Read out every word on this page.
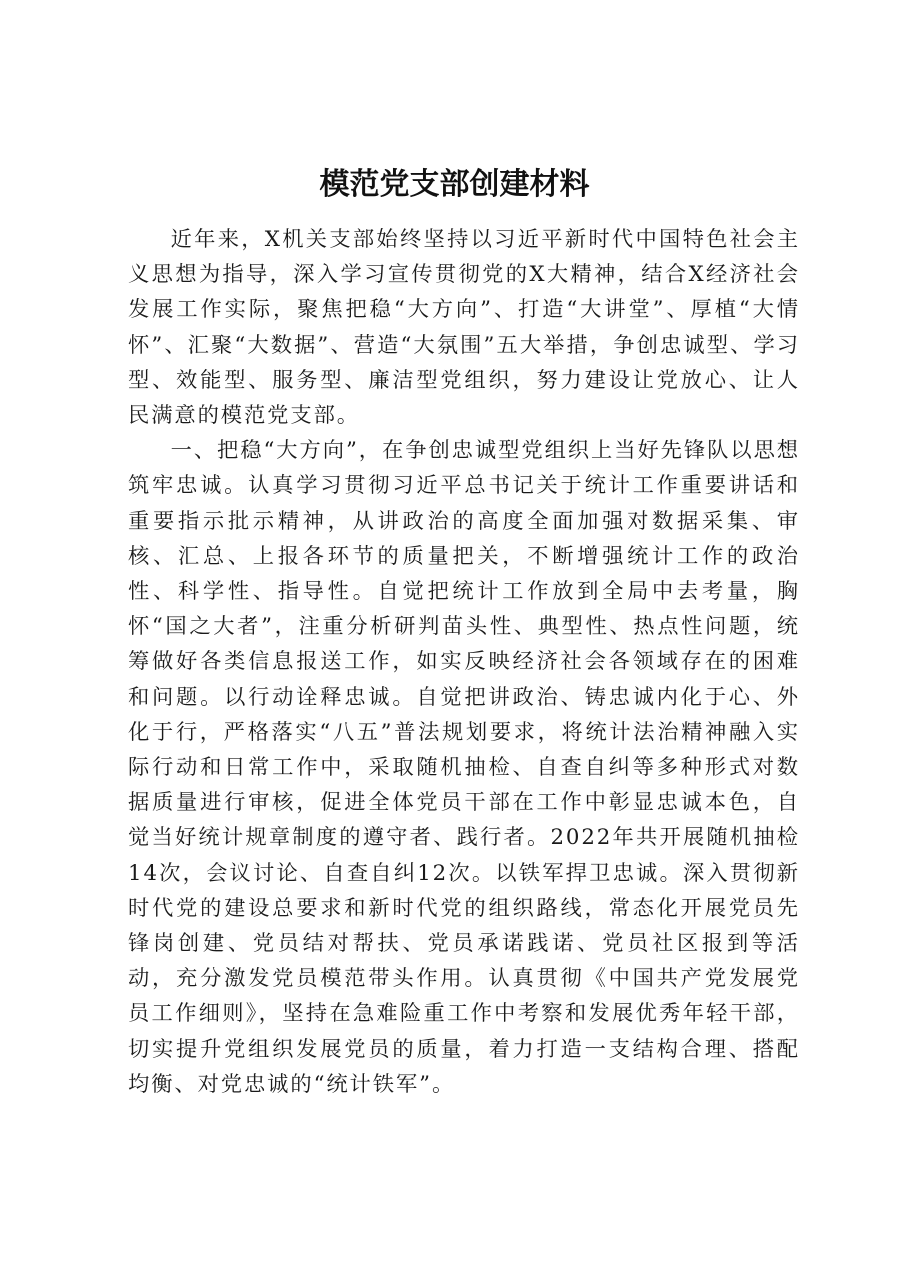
模范党支部创建材料

近年来，X机关支部始终坚持以习近平新时代中国特色社会主义思想为指导，深入学习宣传贯彻党的X大精神，结合X经济社会发展工作实际，聚焦把稳“大方向”、打造“大讲堂”、厚植“大情怀”、汇聚“大数据”、营造“大氛围”五大举措，争创忠诚型、学习型、效能型、服务型、廉洁型党组织，努力建设让党放心、让人民满意的模范党支部。

一、把稳“大方向”，在争创忠诚型党组织上当好先锋队以思想筑牢忠诚。认真学习贯彻习近平总书记关于统计工作重要讲话和重要指示批示精神，从讲政治的高度全面加强对数据采集、审核、汇总、上报各环节的质量把关，不断增强统计工作的政治性、科学性、指导性。自觉把统计工作放到全局中去考量，胸怀“国之大者”，注重分析研判苗头性、典型性、热点性问题，统筹做好各类信息报送工作，如实反映经济社会各领域存在的困难和问题。以行动诠释忠诚。自觉把讲政治、铸忠诚内化于心、外化于行，严格落实“八五”普法规划要求，将统计法治精神融入实际行动和日常工作中，采取随机抽检、自查自纠等多种形式对数据质量进行审核，促进全体党员干部在工作中彰显忠诚本色，自觉当好统计规章制度的遵守者、践行者。2022年共开展随机抽检14次，会议讨论、自查自纠12次。以铁军捍卫忠诚。深入贯彻新时代党的建设总要求和新时代党的组织路线，常态化开展党员先锋岗创建、党员结对帮扶、党员承诺践诺、党员社区报到等活动，充分激发党员模范带头作用。认真贯彻《中国共产党发展党员工作细则》，坚持在急难险重工作中考察和发展优秀年轻干部，切实提升党组织发展党员的质量，着力打造一支结构合理、搭配均衡、对党忠诚的“统计铁军”。
